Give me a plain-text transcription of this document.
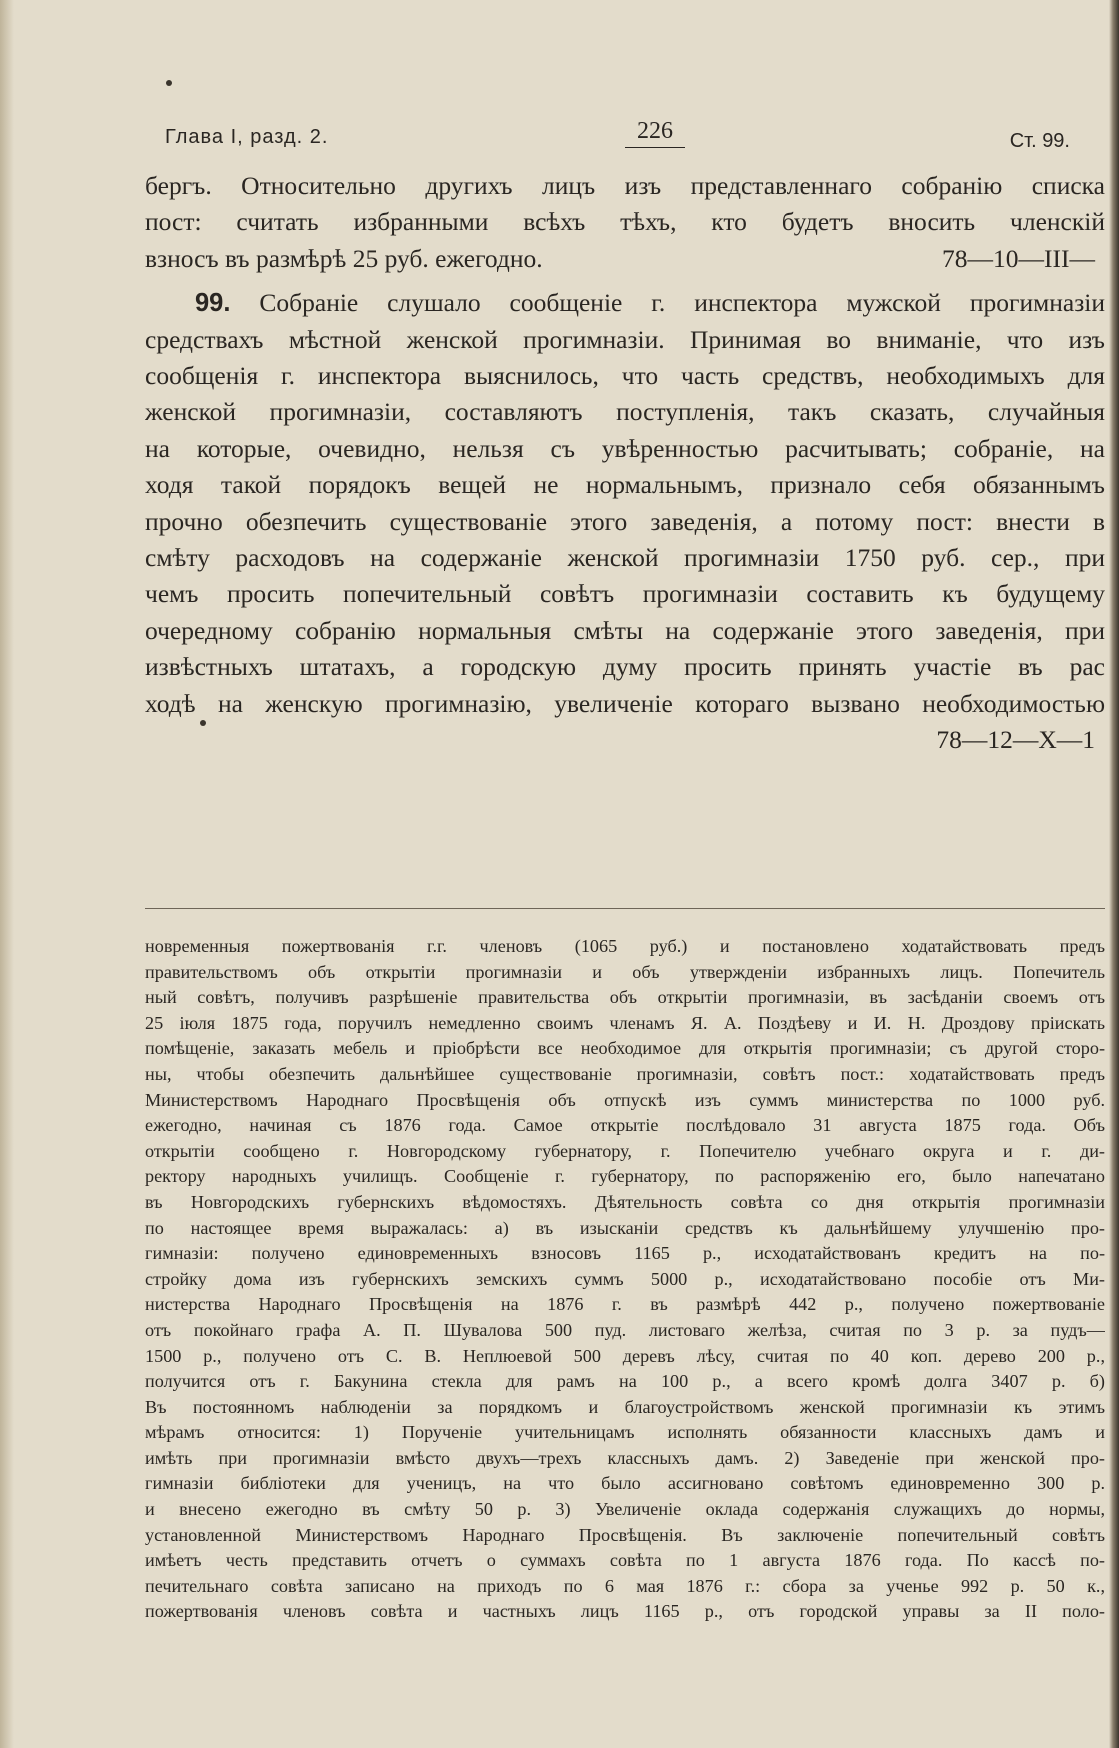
Глава I, разд. 2.	226	Ст. 99.

бергъ. Относительно другихъ лицъ изъ представленнаго собранію списка
пост: считать избранными всѣхъ тѣхъ, кто будетъ вносить членскій
взносъ въ размѣрѣ 25 руб. ежегодно.	78—10—III—

99. Собраніе слушало сообщеніе г. инспектора мужской прогимназіи
средствахъ мѣстной женской прогимназіи. Принимая во вниманіе, что изъ
сообщенія г. инспектора выяснилось, что часть средствъ, необходимыхъ для
женской прогимназіи, составляютъ поступленія, такъ сказать, случайныя
на которые, очевидно, нельзя съ увѣренностью расчитывать; собраніе, на
ходя такой порядокъ вещей не нормальнымъ, признало себя обязаннымъ
прочно обезпечить существованіе этого заведенія, а потому пост: внести в
смѣту расходовъ на содержаніе женской прогимназіи 1750 руб. сер., при
чемъ просить попечительный совѣтъ прогимназіи составить къ будущему
очередному собранію нормальныя смѣты на содержаніе этого заведенія, при
извѣстныхъ штатахъ, а городскую думу просить принять участіе въ рас
ходѣ на женскую прогимназію, увеличеніе котораго вызвано необходимостью
78—12—X—1

новременныя пожертвованія г.г. членовъ (1065 руб.) и постановлено ходатайствовать предъ
правительствомъ объ открытіи прогимназіи и объ утвержденіи избранныхъ лицъ. Попечитель
ный совѣтъ, получивъ разрѣшеніе правительства объ открытіи прогимназіи, въ засѣданіи своемъ отъ
25 іюля 1875 года, поручилъ немедленно своимъ членамъ Я. А. Поздѣеву и И. Н. Дроздову пріискать
помѣщеніе, заказать мебель и пріобрѣсти все необходимое для открытія прогимназіи; съ другой сторо-
ны, чтобы обезпечить дальнѣйшее существованіе прогимназіи, совѣтъ пост.: ходатайствовать предъ
Министерствомъ Народнаго Просвѣщенія объ отпускѣ изъ суммъ министерства по 1000 руб.
ежегодно, начиная съ 1876 года. Самое открытіе послѣдовало 31 августа 1875 года. Объ
открытіи сообщено г. Новгородскому губернатору, г. Попечителю учебнаго округа и г. ди-
ректору народныхъ училищъ. Сообщеніе г. губернатору, по распоряженію его, было напечатано
въ Новгородскихъ губернскихъ вѣдомостяхъ. Дѣятельность совѣта со дня открытія прогимназіи
по настоящее время выражалась: а) въ изысканіи средствъ къ дальнѣйшему улучшенію про-
гимназіи: получено единовременныхъ взносовъ 1165 р., исходатайствованъ кредитъ на по-
стройку дома изъ губернскихъ земскихъ суммъ 5000 р., исходатайствовано пособіе отъ Ми-
нистерства Народнаго Просвѣщенія на 1876 г. въ размѣрѣ 442 р., получено пожертвованіе
отъ покойнаго графа А. П. Шувалова 500 пуд. листоваго желѣза, считая по 3 р. за пудъ—
1500 р., получено отъ С. В. Неплюевой 500 деревъ лѣсу, считая по 40 коп. дерево 200 р.,
получится отъ г. Бакунина стекла для рамъ на 100 р., а всего кромѣ долга 3407 р. б)
Въ постоянномъ наблюденіи за порядкомъ и благоустройствомъ женской прогимназіи къ этимъ
мѣрамъ относится: 1) Порученіе учительницамъ исполнять обязанности классныхъ дамъ и
имѣть при прогимназіи вмѣсто двухъ—трехъ классныхъ дамъ. 2) Заведеніе при женской про-
гимназіи библіотеки для ученицъ, на что было ассигновано совѣтомъ единовременно 300 р.
и внесено ежегодно въ смѣту 50 р. 3) Увеличеніе оклада содержанія служащихъ до нормы,
установленной Министерствомъ Народнаго Просвѣщенія. Въ заключеніе попечительный совѣтъ
имѣетъ честь представить отчетъ о суммахъ совѣта по 1 августа 1876 года. По кассѣ по-
печительнаго совѣта записано на приходъ по 6 мая 1876 г.: сбора за ученье 992 р. 50 к.,
пожертвованія членовъ совѣта и частныхъ лицъ 1165 р., отъ городской управы за II поло-
